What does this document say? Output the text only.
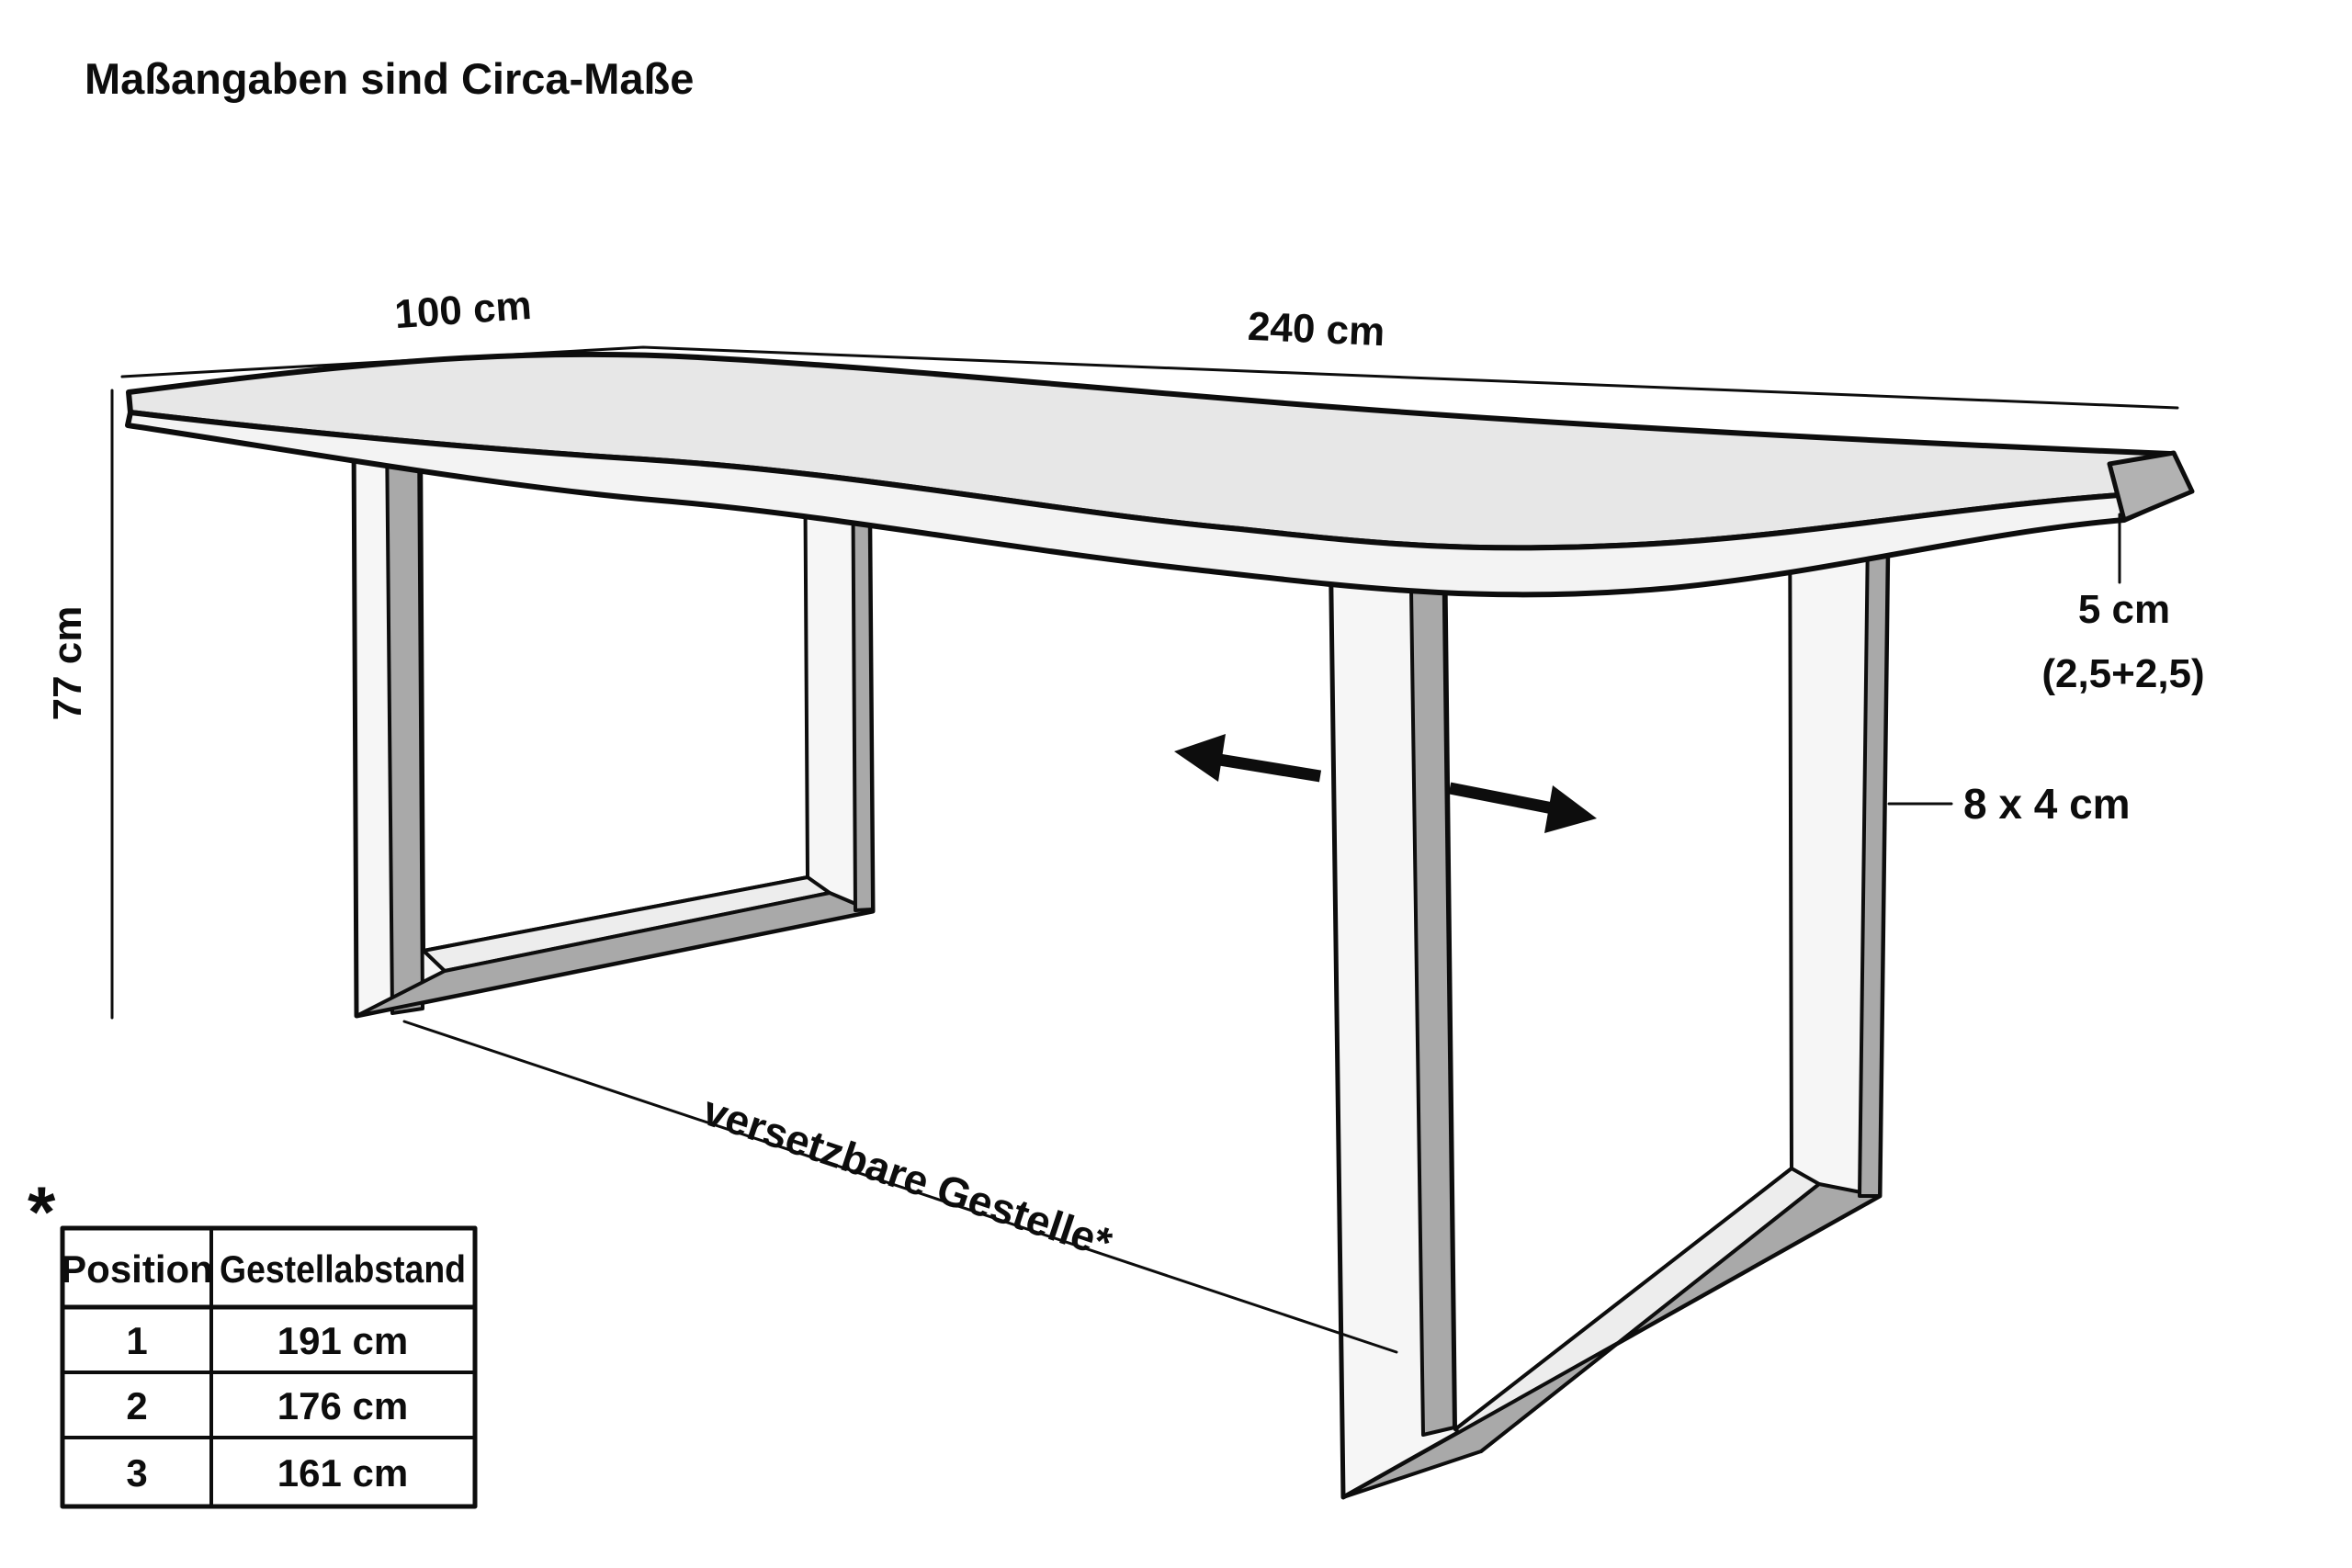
100 cm	240 cm
77 cm	5 cm
(2,5+2,5)
8 x 4 cm
versetzbare Gestelle*
*
Position Gestellabstand
1	191 cm
2	176 cm
3	161 cm
Maßangaben sind Circa-Maße
